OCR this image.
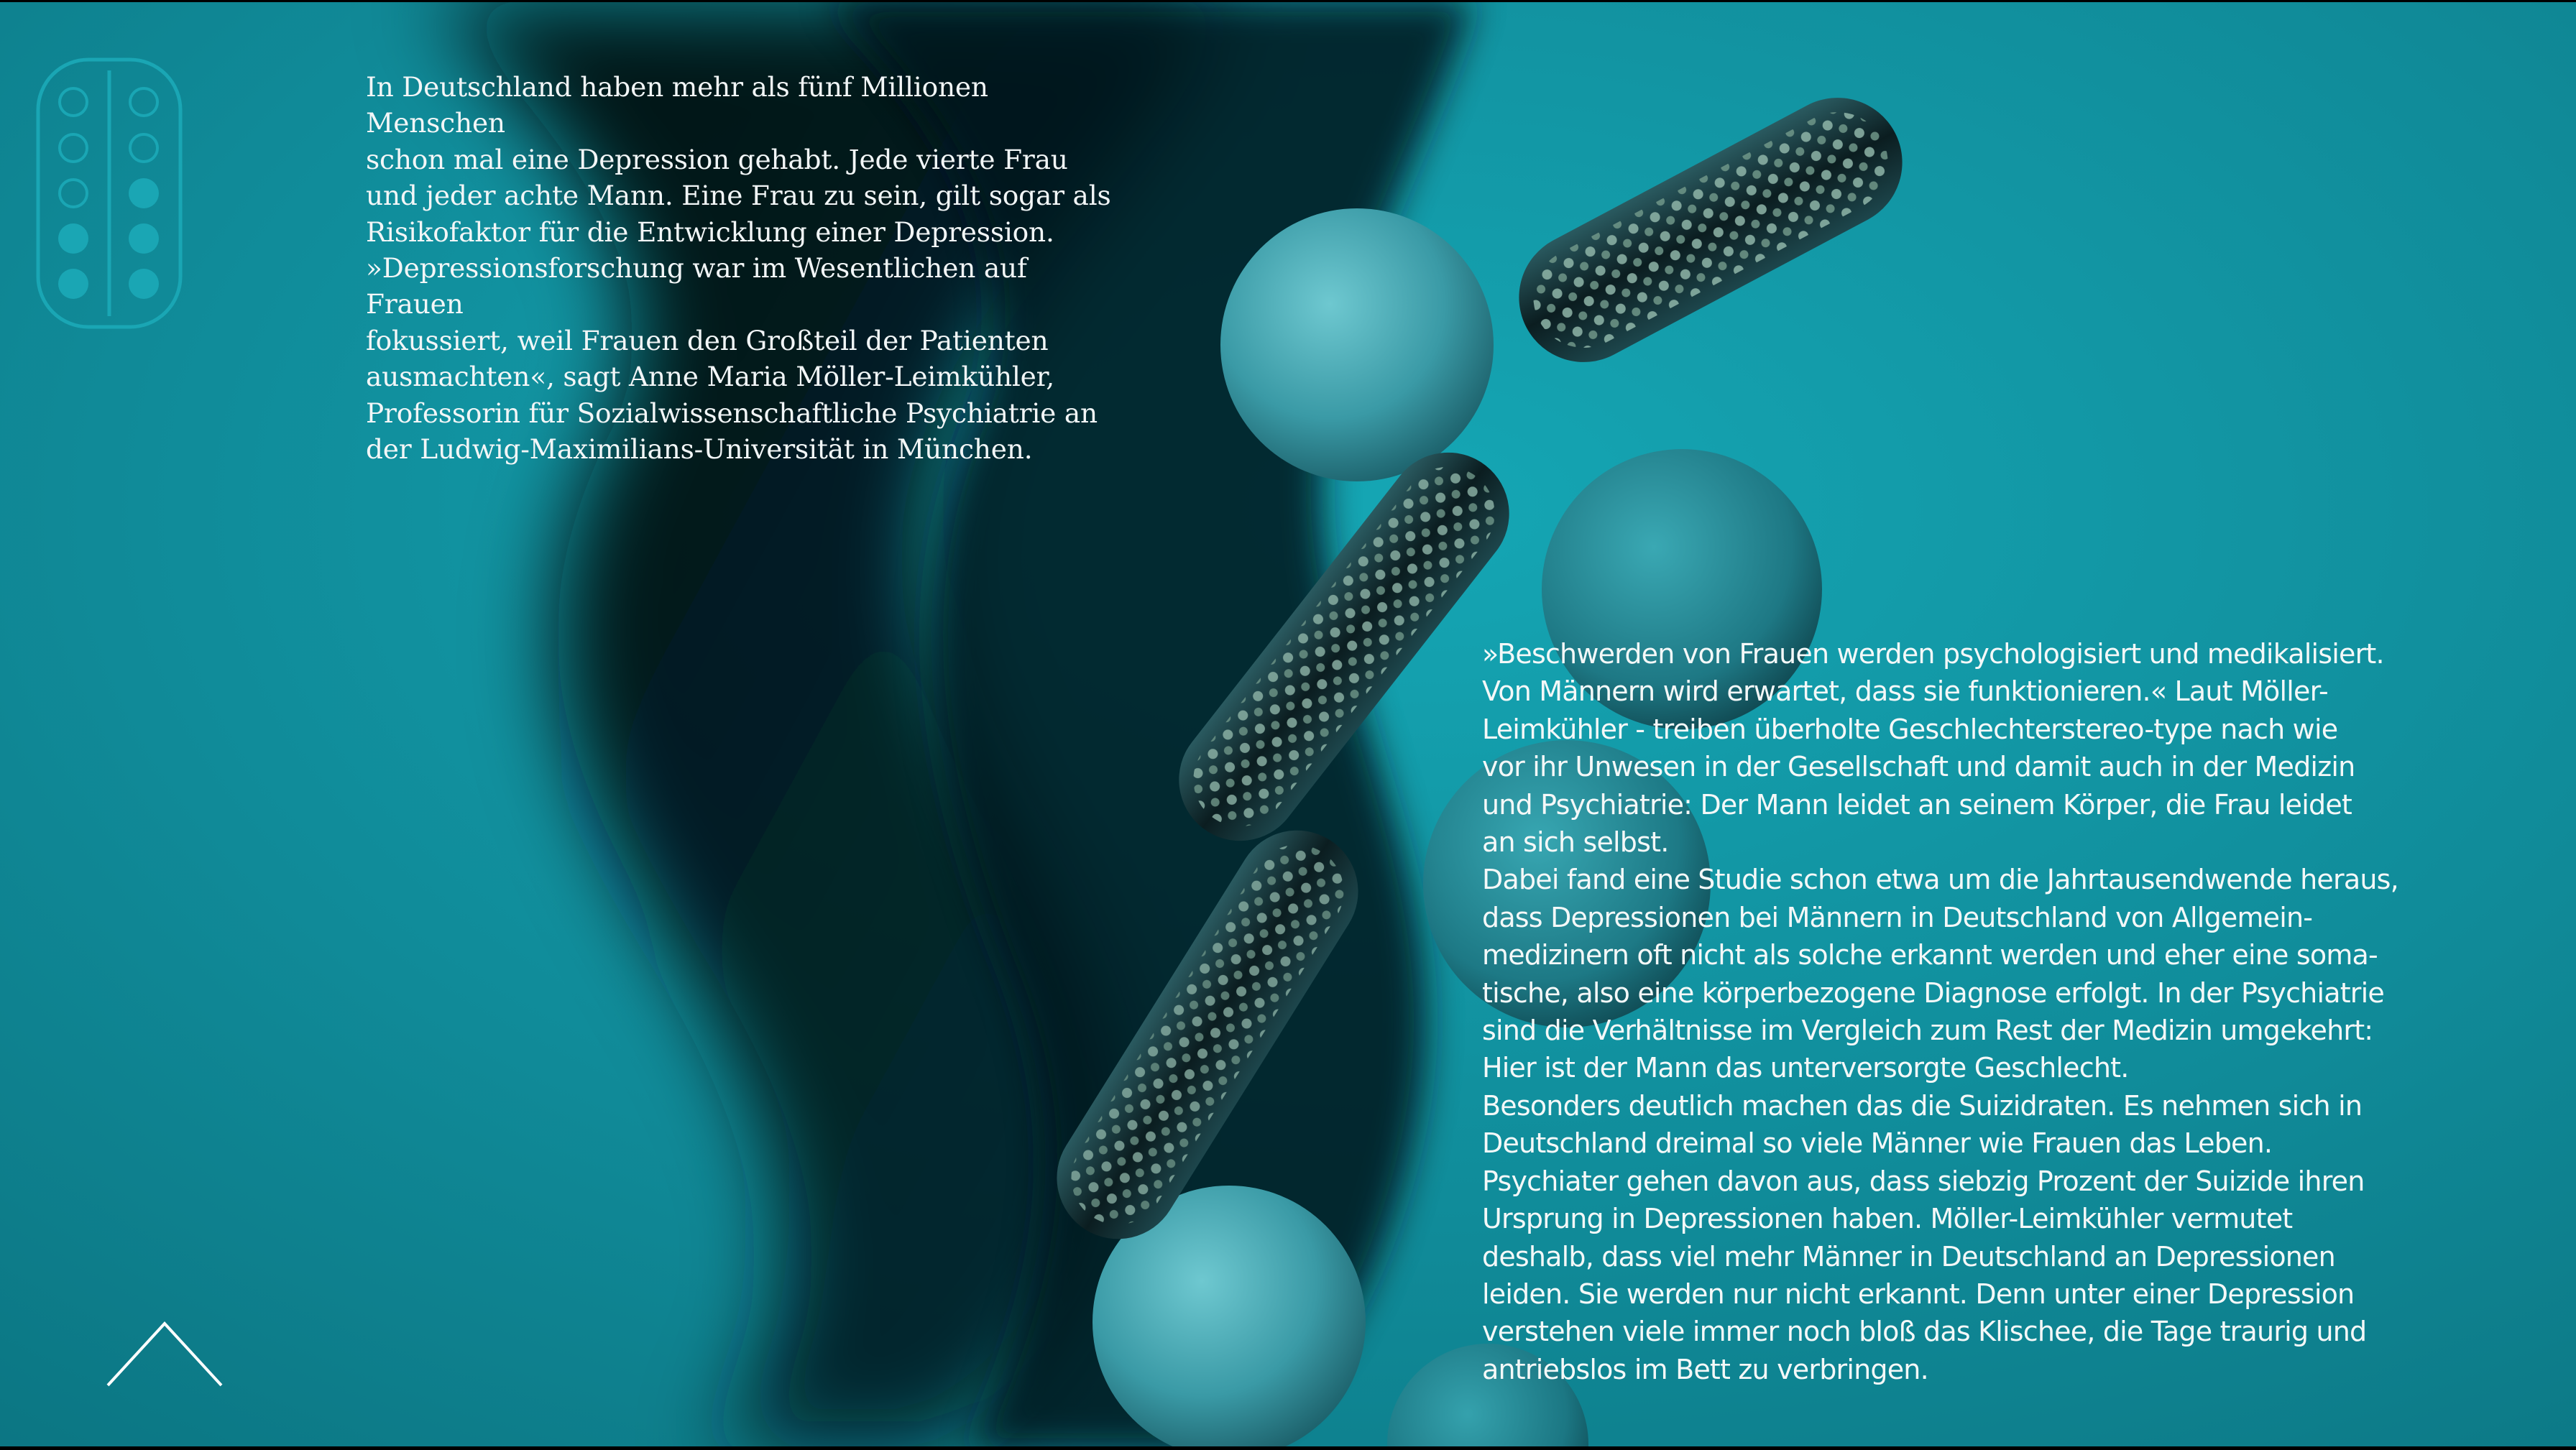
In Deutschland haben mehr als fünf Millionen Menschen
schon mal eine Depression gehabt. Jede vierte Frau
und jeder achte Mann. Eine Frau zu sein, gilt sogar als
Risikofaktor für die Entwicklung einer Depression.
»Depressionsforschung war im Wesentlichen auf Frauen
fokussiert, weil Frauen den Großteil der Patienten
ausmachten«, sagt Anne Maria Möller-Leimkühler,
Professorin für Sozialwissenschaftliche Psychiatrie an
der Ludwig-Maximilians-Universität in München.

»Beschwerden von Frauen werden psychologisiert und medikalisiert.
Von Männern wird erwartet, dass sie funktionieren.« Laut Möller-
Leimkühler - treiben überholte Geschlechterstereo-type nach wie
vor ihr Unwesen in der Gesellschaft und damit auch in der Medizin
und Psychiatrie: Der Mann leidet an seinem Körper, die Frau leidet
an sich selbst.

Dabei fand eine Studie schon etwa um die Jahrtausendwende heraus,
dass Depressionen bei Männern in Deutschland von Allgemein-
medizinern oft nicht als solche erkannt werden und eher eine soma-
tische, also eine körperbezogene Diagnose erfolgt. In der Psychiatrie
sind die Verhältnisse im Vergleich zum Rest der Medizin umgekehrt:
Hier ist der Mann das unterversorgte Geschlecht.

Besonders deutlich machen das die Suizidraten. Es nehmen sich in
Deutschland dreimal so viele Männer wie Frauen das Leben.
Psychiater gehen davon aus, dass siebzig Prozent der Suizide ihren
Ursprung in Depressionen haben. Möller-Leimkühler vermutet
deshalb, dass viel mehr Männer in Deutschland an Depressionen
leiden. Sie werden nur nicht erkannt. Denn unter einer Depression
verstehen viele immer noch bloß das Klischee, die Tage traurig und
antriebslos im Bett zu verbringen.
